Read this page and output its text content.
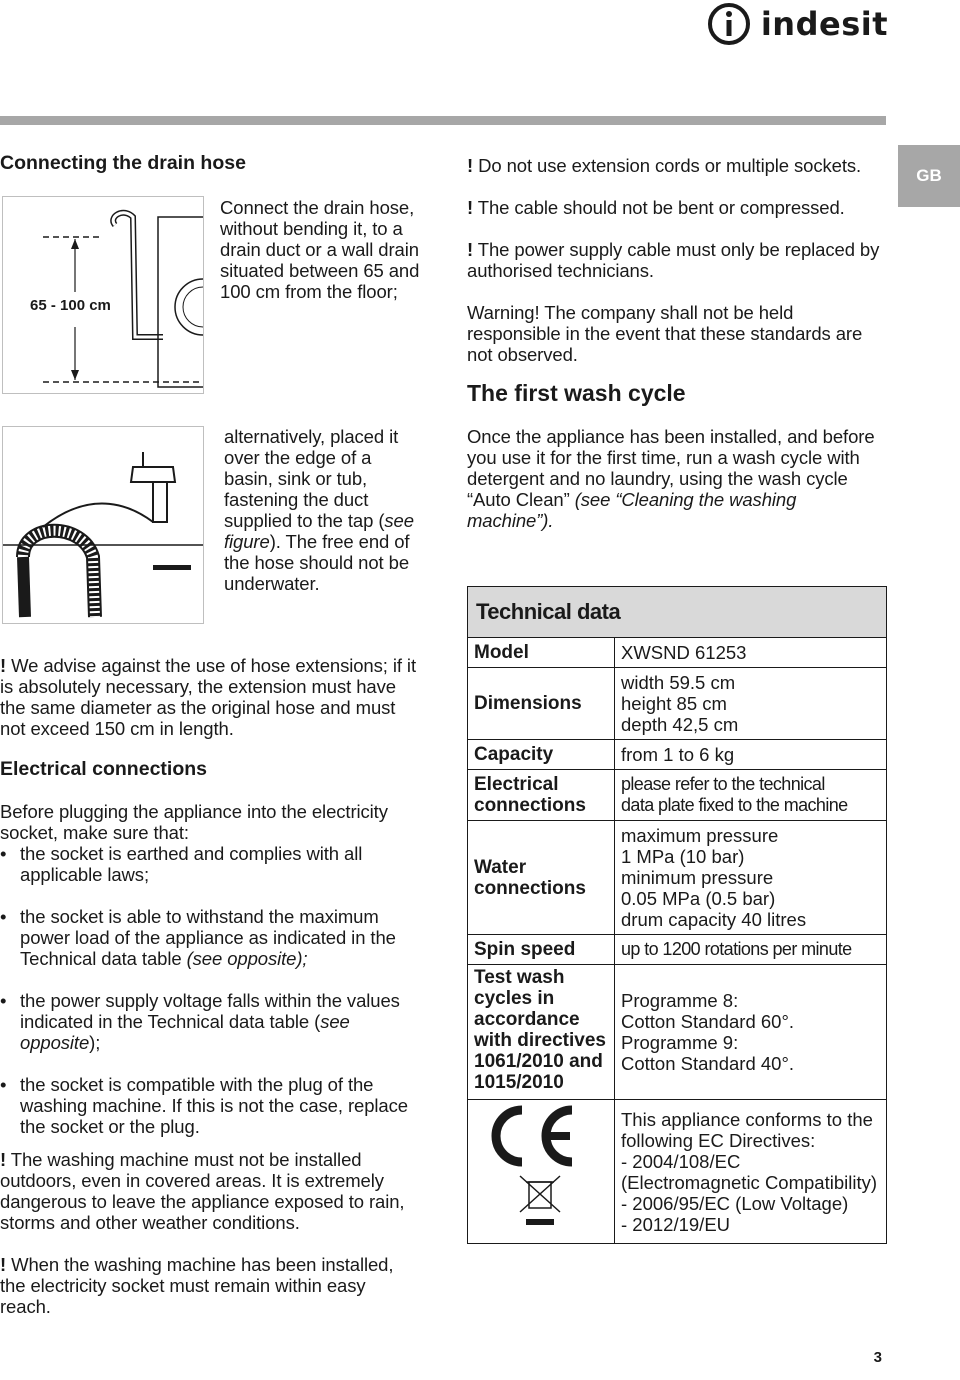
indesit
GB
Connecting the drain hose
65 - 100 cm

Connect the drain hose, without bending it, to a drain duct or a wall drain situated between 65 and 100 cm from the floor;

alternatively, placed it over the edge of a basin, sink or tub, fastening the duct supplied to the tap (see figure). The free end of the hose should not be underwater.

! We advise against the use of hose extensions; if it is absolutely necessary, the extension must have the same diameter as the original hose and must not exceed 150 cm in length.

Electrical connections

Before plugging the appliance into the electricity socket, make sure that:

• the socket is earthed and complies with all applicable laws;
• the socket is able to withstand the maximum power load of the appliance as indicated in the Technical data table (see opposite);
• the power supply voltage falls within the values indicated in the Technical data table (see opposite);
• the socket is compatible with the plug of the washing machine. If this is not the case, replace the socket or the plug.

! The washing machine must not be installed outdoors, even in covered areas. It is extremely dangerous to leave the appliance exposed to rain, storms and other weather conditions.

! When the washing machine has been installed, the electricity socket must remain within easy reach.

! Do not use extension cords or multiple sockets.

! The cable should not be bent or compressed.

! The power supply cable must only be replaced by authorised technicians.

Warning! The company shall not be held responsible in the event that these standards are not observed.

The first wash cycle

Once the appliance has been installed, and before you use it for the first time, run a wash cycle with detergent and no laundry, using the wash cycle “Auto Clean” (see “Cleaning the washing machine”).

Technical data	
Model	XWSND 61253
Dimensions	width 59.5 cm
height 85 cm
depth 42,5 cm

Capacity	from 1 to 6 kg
Electrical connections	please refer to the technical
data plate fixed to the machine

Water connections	maximum pressure
1 MPa (10 bar)
minimum pressure
0.05 MPa (0.5 bar)
drum capacity 40 litres

Spin speed	up to 1200 rotations per minute
Test wash cycles in accordance with directives 1061/2010 and 1015/2010	Programme 8:
Cotton Standard 60°.
Programme 9:
Cotton Standard 40°.

This appliance conforms to the following EC Directives:
- 2004/108/EC (Electromagnetic Compatibility)
- 2006/95/EC (Low Voltage)
- 2012/19/EU
3
